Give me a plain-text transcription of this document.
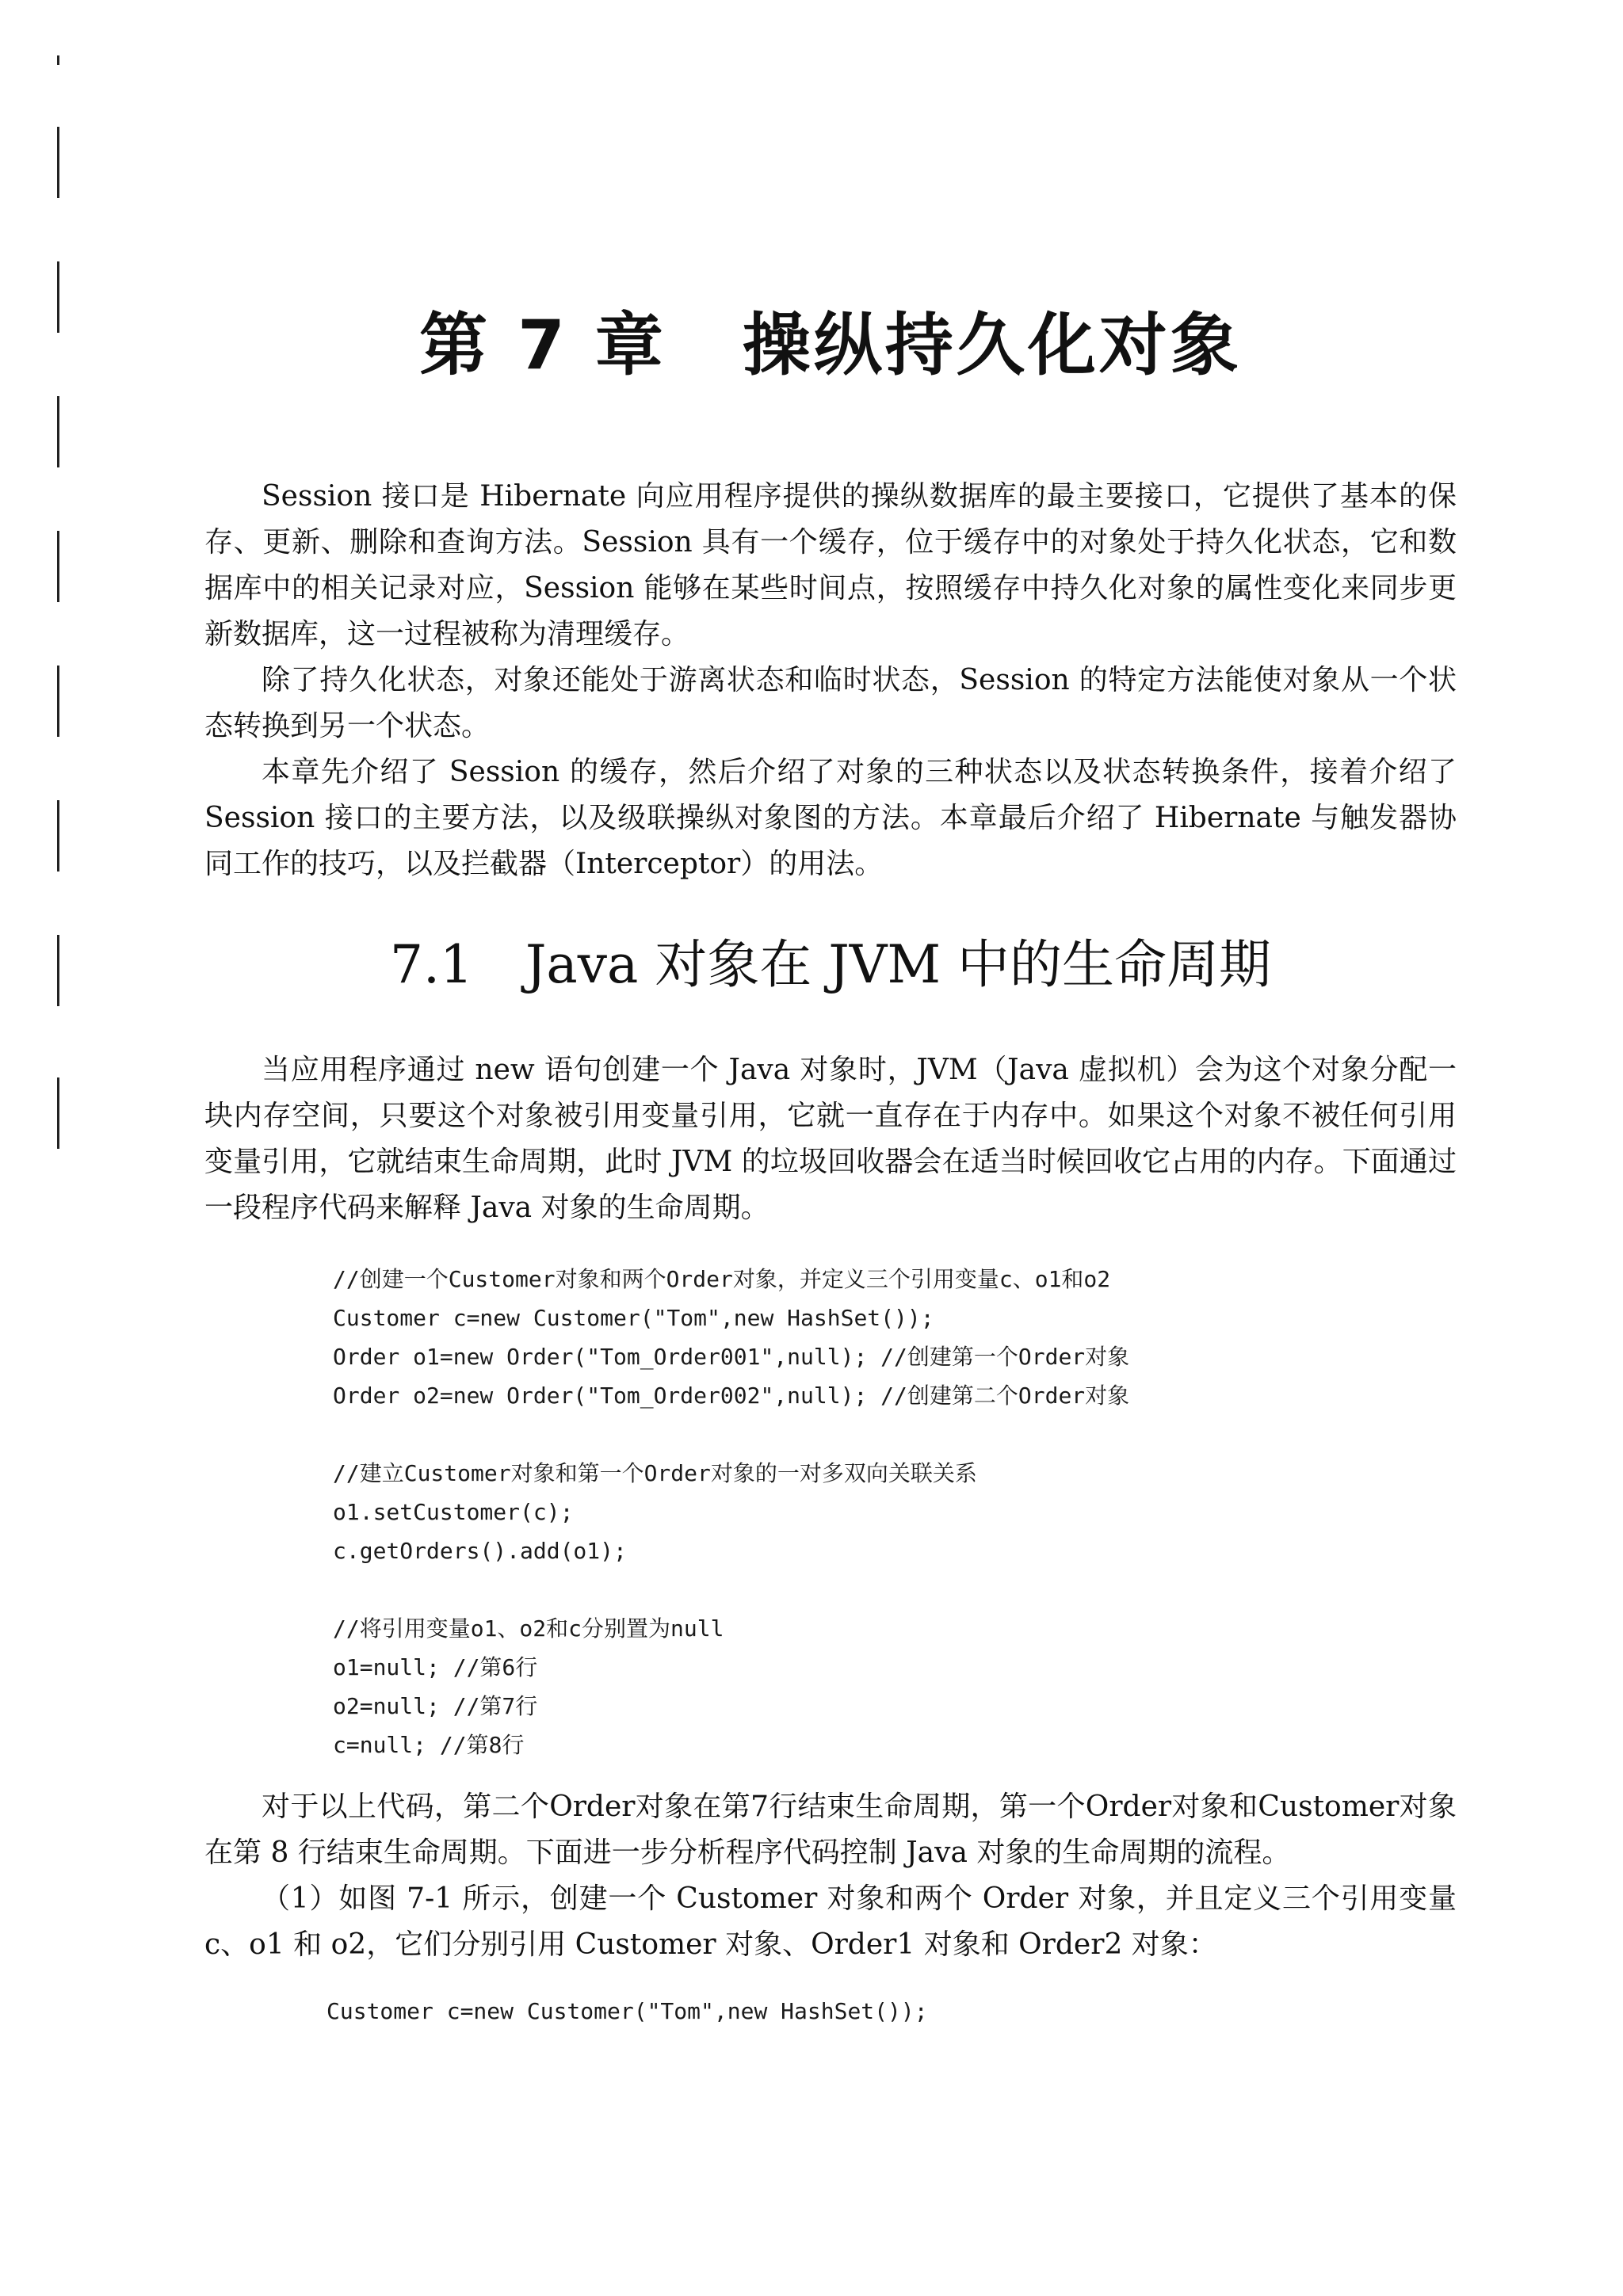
第 7 章 操纵持久化对象

Session 接口是 Hibernate 向应用程序提供的操纵数据库的最主要接口，它提供了基本的保存、更新、删除和查询方法。Session 具有一个缓存，位于缓存中的对象处于持久化状态，它和数据库中的相关记录对应，Session 能够在某些时间点，按照缓存中持久化对象的属性变化来同步更新数据库，这一过程被称为清理缓存。

除了持久化状态，对象还能处于游离状态和临时状态，Session 的特定方法能使对象从一个状态转换到另一个状态。

本章先介绍了 Session 的缓存，然后介绍了对象的三种状态以及状态转换条件，接着介绍了 Session 接口的主要方法，以及级联操纵对象图的方法。本章最后介绍了 Hibernate 与触发器协同工作的技巧，以及拦截器（Interceptor）的用法。

7.1 Java 对象在 JVM 中的生命周期

当应用程序通过 new 语句创建一个 Java 对象时，JVM（Java 虚拟机）会为这个对象分配一块内存空间，只要这个对象被引用变量引用，它就一直存在于内存中。如果这个对象不被任何引用变量引用，它就结束生命周期，此时 JVM 的垃圾回收器会在适当时候回收它占用的内存。下面通过一段程序代码来解释 Java 对象的生命周期。

//创建一个Customer对象和两个Order对象，并定义三个引用变量c、o1和o2
Customer c=new Customer("Tom",new HashSet());
Order o1=new Order("Tom_Order001",null); //创建第一个Order对象
Order o2=new Order("Tom_Order002",null); //创建第二个Order对象
//建立Customer对象和第一个Order对象的一对多双向关联关系
o1.setCustomer(c);
c.getOrders().add(o1);
//将引用变量o1、o2和c分别置为null
o1=null; //第6行
o2=null; //第7行
c=null; //第8行

对于以上代码，第二个Order对象在第7行结束生命周期，第一个Order对象和Customer对象在第 8 行结束生命周期。下面进一步分析程序代码控制 Java 对象的生命周期的流程。

（1）如图 7-1 所示，创建一个 Customer 对象和两个 Order 对象，并且定义三个引用变量 c、o1 和 o2，它们分别引用 Customer 对象、Order1 对象和 Order2 对象：

Customer c=new Customer("Tom",new HashSet());
